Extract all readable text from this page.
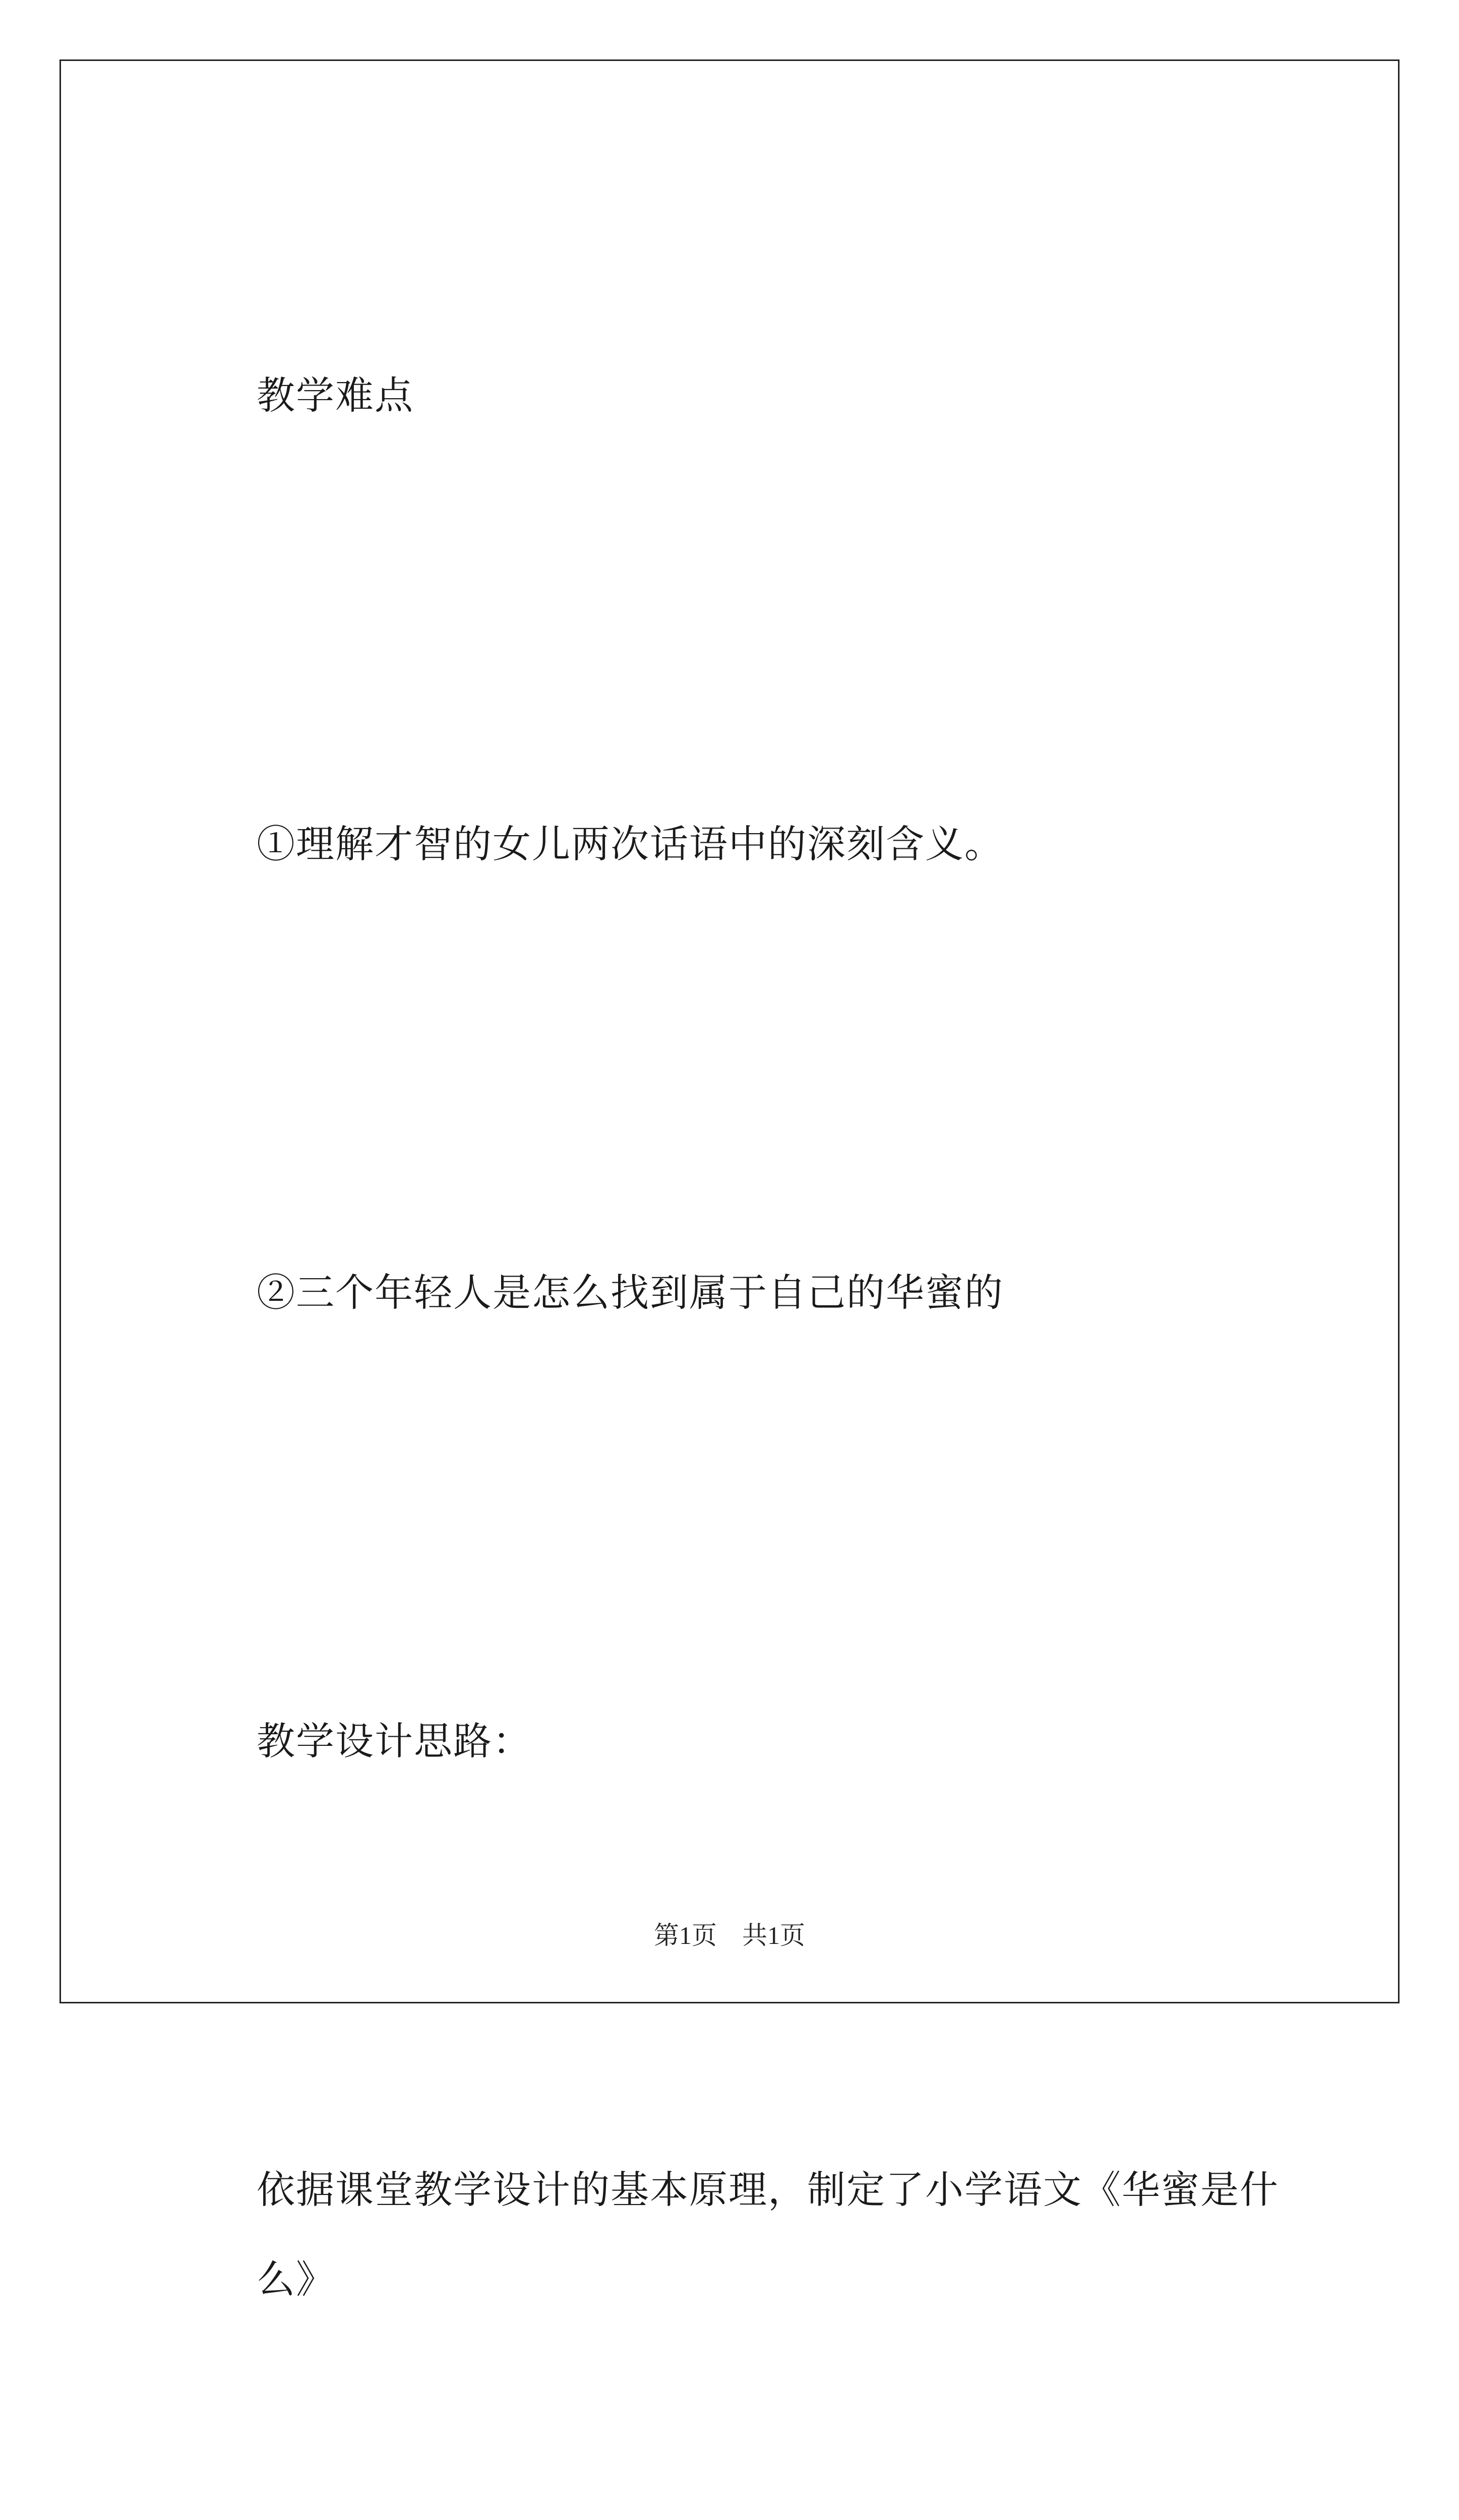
教学难点

①理解才智的女儿两次话语中的深刻含义。

②三个年轻人是怎么找到属于自己的华蜜的

教学设计思路：

依据课堂教学设计的基本原理，制定了小学语文《华蜜是什么》

第1页 共1页
